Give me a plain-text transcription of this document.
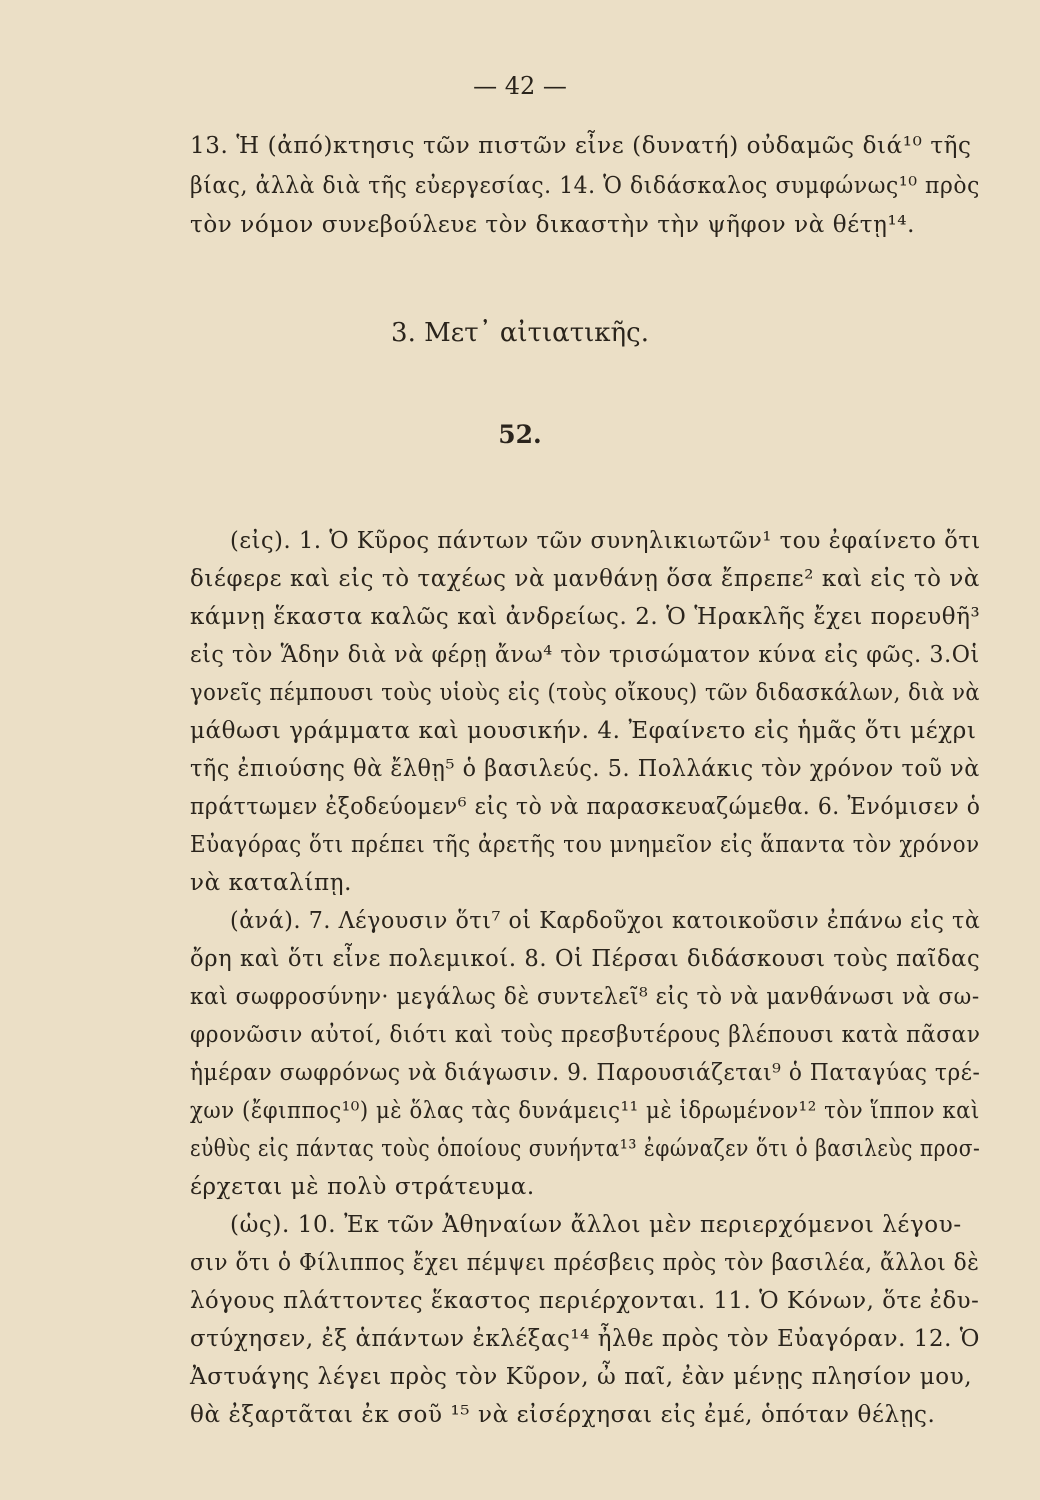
— 42 —
13. Ἡ (ἀπό)κτησις τῶν πιστῶν εἶνε (δυνατή) οὐδαμῶς διά¹⁰ τῆς
βίας, ἀλλὰ διὰ τῆς εὐεργεσίας. 14. Ὁ διδάσκαλος συμφώνως¹⁰ πρὸς
τὸν νόμον συνεβούλευε τὸν δικαστὴν τὴν ψῆφον νὰ θέτῃ¹⁴.
3. Μετ᾽ αἰτιατικῆς.
52.
(εἰς). 1. Ὁ Κῦρος πάντων τῶν συνηλικιωτῶν¹ του ἐφαίνετο ὅτι
διέφερε καὶ εἰς τὸ ταχέως νὰ μανθάνῃ ὅσα ἔπρεπε² καὶ εἰς τὸ νὰ
κάμνῃ ἕκαστα καλῶς καὶ ἀνδρείως. 2. Ὁ Ἡρακλῆς ἔχει πορευθῆ³
εἰς τὸν Ἅδην διὰ νὰ φέρῃ ἄνω⁴ τὸν τρισώματον κύνα εἰς φῶς. 3.Οἱ
γονεῖς πέμπουσι τοὺς υἱοὺς εἰς (τοὺς οἴκους) τῶν διδασκάλων, διὰ νὰ
μάθωσι γράμματα καὶ μουσικήν. 4. Ἐφαίνετο εἰς ἡμᾶς ὅτι μέχρι
τῆς ἐπιούσης θὰ ἔλθῃ⁵ ὁ βασιλεύς. 5. Πολλάκις τὸν χρόνον τοῦ νὰ
πράττωμεν ἐξοδεύομεν⁶ εἰς τὸ νὰ παρασκευαζώμεθα. 6. Ἐνόμισεν ὁ
Εὐαγόρας ὅτι πρέπει τῆς ἀρετῆς του μνημεῖον εἰς ἅπαντα τὸν χρόνον
νὰ καταλίπῃ.
(ἀνά). 7. Λέγουσιν ὅτι⁷ οἱ Καρδοῦχοι κατοικοῦσιν ἐπάνω εἰς τὰ
ὄρη καὶ ὅτι εἶνε πολεμικοί. 8. Οἱ Πέρσαι διδάσκουσι τοὺς παῖδας
καὶ σωφροσύνην· μεγάλως δὲ συντελεῖ⁸ εἰς τὸ νὰ μανθάνωσι νὰ σω-
φρονῶσιν αὐτοί, διότι καὶ τοὺς πρεσβυτέρους βλέπουσι κατὰ πᾶσαν
ἡμέραν σωφρόνως νὰ διάγωσιν. 9. Παρουσιάζεται⁹ ὁ Παταγύας τρέ-
χων (ἔφιππος¹⁰) μὲ ὅλας τὰς δυνάμεις¹¹ μὲ ἱδρωμένον¹² τὸν ἵππον καὶ
εὐθὺς εἰς πάντας τοὺς ὁποίους συνήντα¹³ ἐφώναζεν ὅτι ὁ βασιλεὺς προσ-
έρχεται μὲ πολὺ στράτευμα.
(ὡς). 10. Ἐκ τῶν Ἀθηναίων ἄλλοι μὲν περιερχόμενοι λέγου-
σιν ὅτι ὁ Φίλιππος ἔχει πέμψει πρέσβεις πρὸς τὸν βασιλέα, ἄλλοι δὲ
λόγους πλάττοντες ἕκαστος περιέρχονται. 11. Ὁ Κόνων, ὅτε ἐδυ-
στύχησεν, ἐξ ἁπάντων ἐκλέξας¹⁴ ἦλθε πρὸς τὸν Εὐαγόραν. 12. Ὁ
Ἀστυάγης λέγει πρὸς τὸν Κῦρον, ὦ παῖ, ἐὰν μένῃς πλησίον μου,
θὰ ἐξαρτᾶται ἐκ σοῦ ¹⁵ νὰ εἰσέρχησαι εἰς ἐμέ, ὁπόταν θέλῃς.
